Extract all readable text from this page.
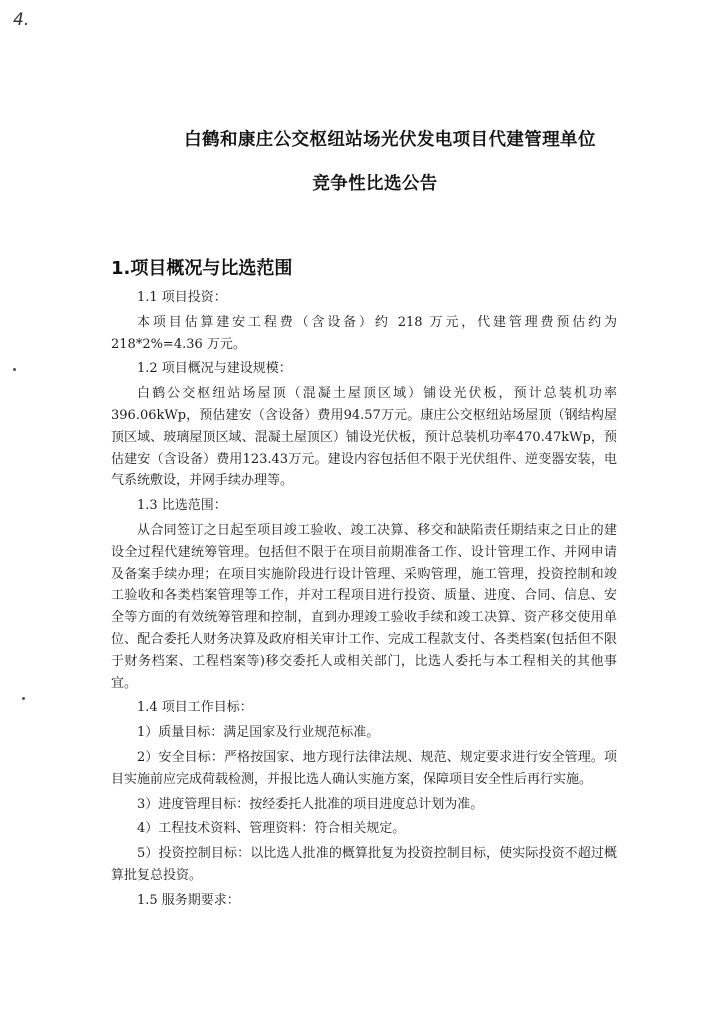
4.
白鹤和康庄公交枢纽站场光伏发电项目代建管理单位
竞争性比选公告
1.项目概况与比选范围

1.1 项目投资：

本项目估算建安工程费（含设备）约 218 万元，代建管理费预估约为 218*2%=4.36 万元。

1.2 项目概况与建设规模：

白鹤公交枢纽站场屋顶（混凝土屋顶区域）铺设光伏板，预计总装机功率396.06kWp，预估建安（含设备）费用94.57万元。康庄公交枢纽站场屋顶（钢结构屋顶区域、玻璃屋顶区域、混凝土屋顶区）铺设光伏板，预计总装机功率470.47kWp，预估建安（含设备）费用123.43万元。建设内容包括但不限于光伏组件、逆变器安装，电气系统敷设，并网手续办理等。

1.3 比选范围：

从合同签订之日起至项目竣工验收、竣工决算、移交和缺陷责任期结束之日止的建设全过程代建统筹管理。包括但不限于在项目前期准备工作、设计管理工作、并网申请及备案手续办理；在项目实施阶段进行设计管理、采购管理，施工管理，投资控制和竣工验收和各类档案管理等工作，并对工程项目进行投资、质量、进度、合同、信息、安全等方面的有效统筹管理和控制，直到办理竣工验收手续和竣工决算、资产移交使用单位、配合委托人财务决算及政府相关审计工作、完成工程款支付、各类档案(包括但不限于财务档案、工程档案等)移交委托人或相关部门，比选人委托与本工程相关的其他事宜。

1.4 项目工作目标：

1）质量目标：满足国家及行业规范标准。

2）安全目标：严格按国家、地方现行法律法规、规范、规定要求进行安全管理。项目实施前应完成荷载检测，并报比选人确认实施方案，保障项目安全性后再行实施。

3）进度管理目标：按经委托人批准的项目进度总计划为准。

4）工程技术资料、管理资料：符合相关规定。

5）投资控制目标：以比选人批准的概算批复为投资控制目标，使实际投资不超过概算批复总投资。

1.5 服务期要求：
